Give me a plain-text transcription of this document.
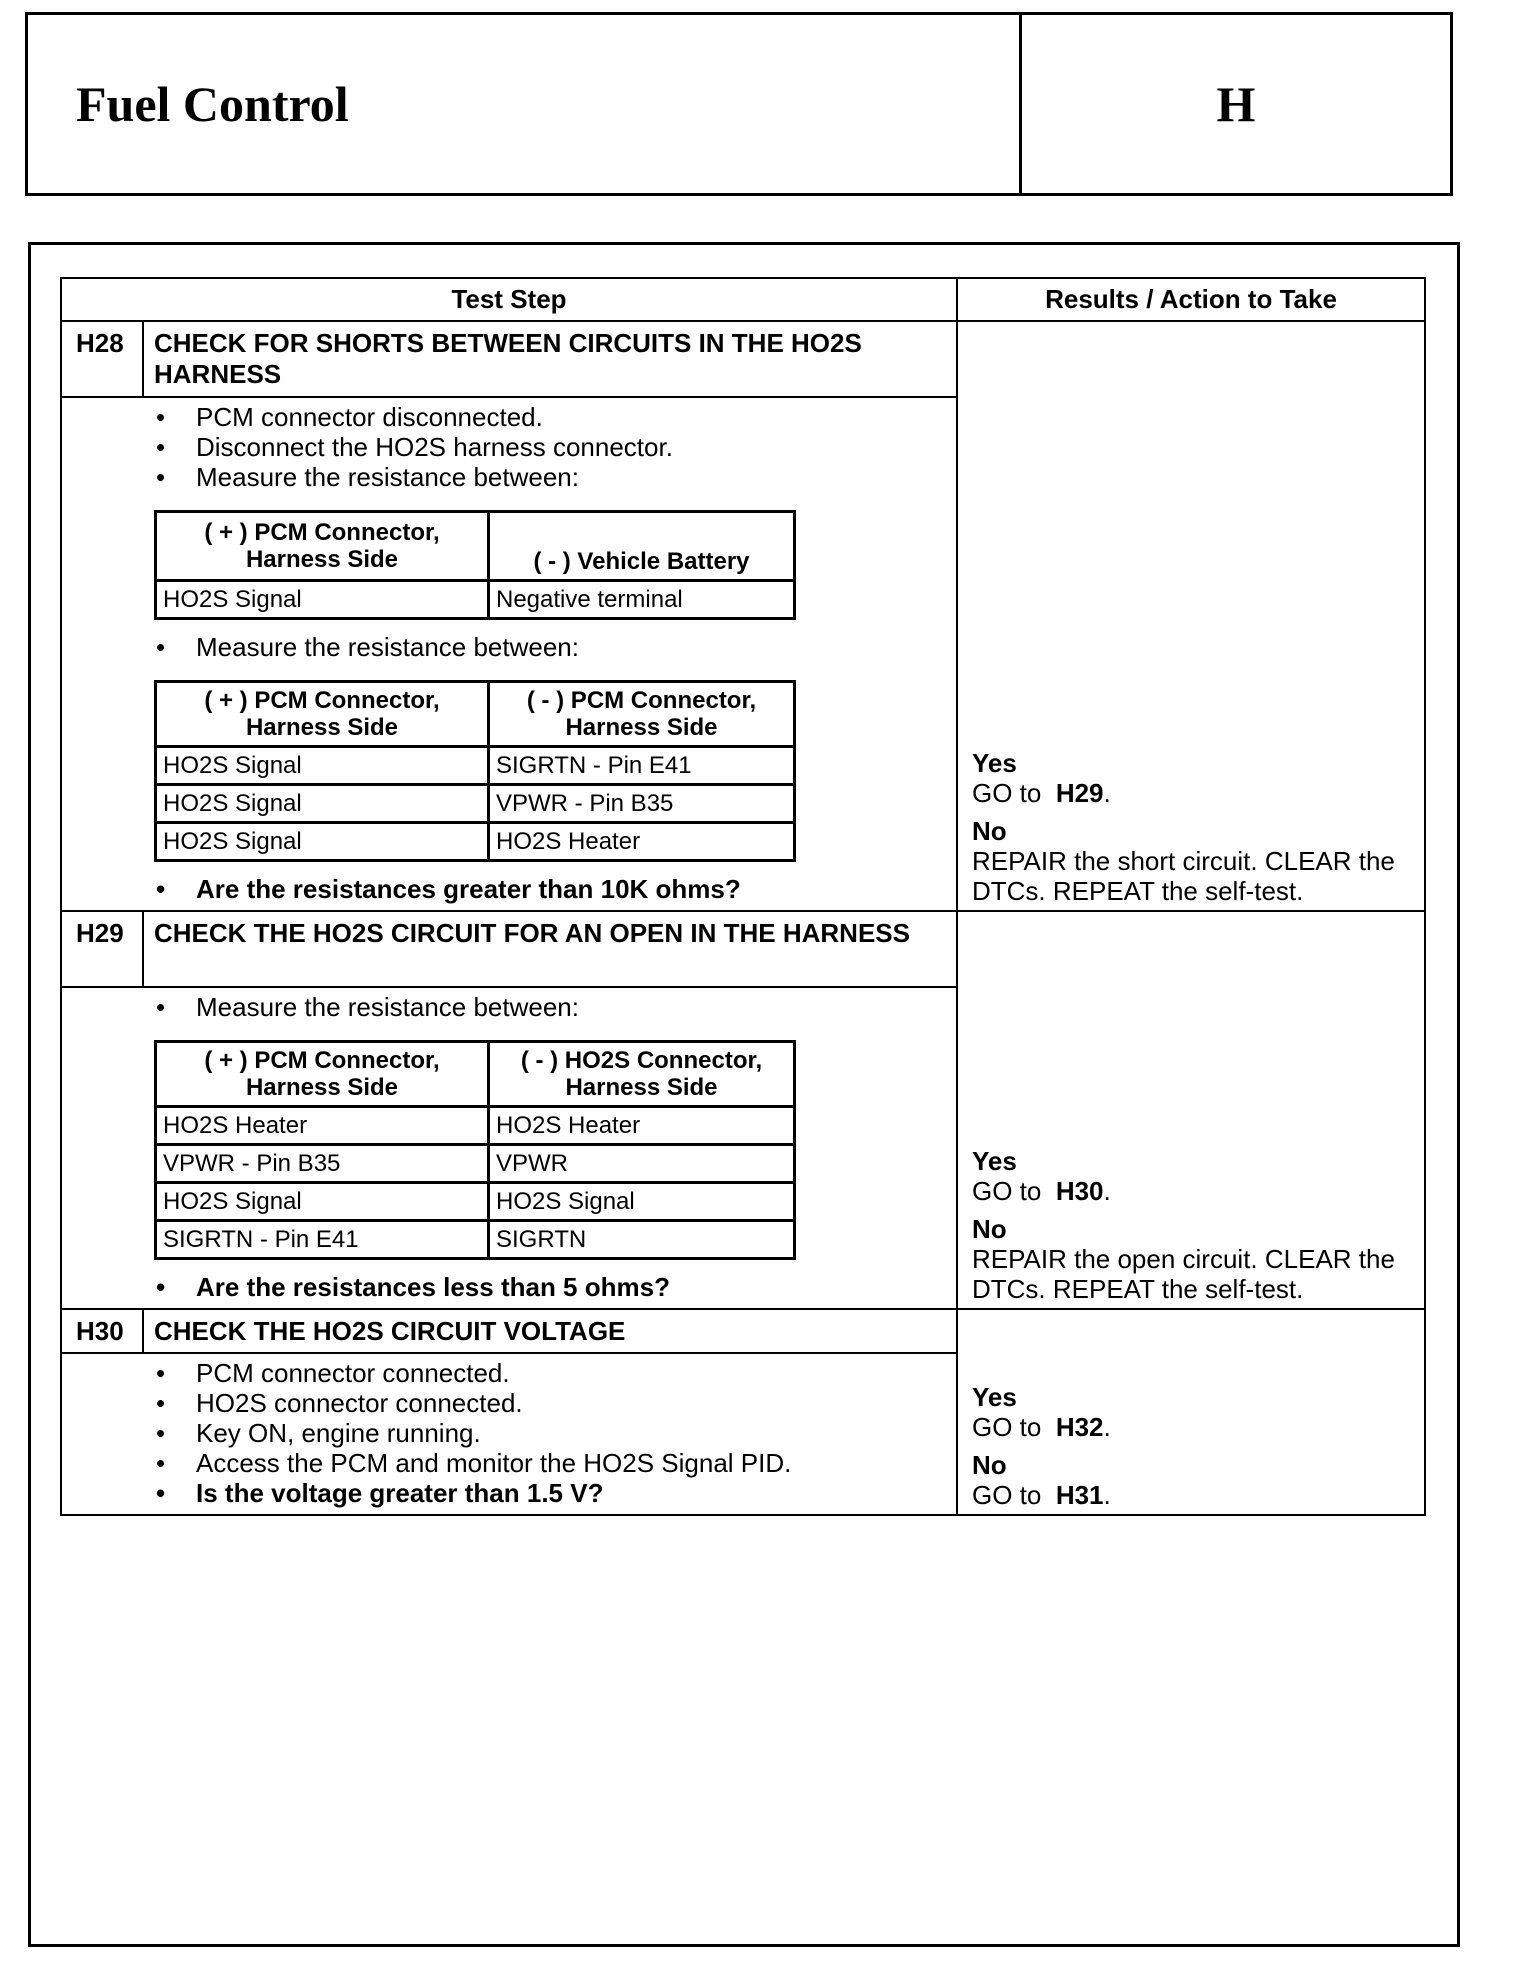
Fuel Control	H
Test Step	Results / Action to Take
H28	CHECK FOR SHORTS BETWEEN CIRCUITS IN THE HO2S HARNESS
•	PCM connector disconnected.
•	Disconnect the HO2S harness connector.
•	Measure the resistance between:
( + ) PCM Connector, Harness Side	( - ) Vehicle Battery
HO2S Signal	Negative terminal
•	Measure the resistance between:
( + ) PCM Connector, Harness Side	( - ) PCM Connector, Harness Side
HO2S Signal	SIGRTN - Pin E41
HO2S Signal	VPWR - Pin B35
HO2S Signal	HO2S Heater
•	Are the resistances greater than 10K ohms?
Yes
GO to H29.
No
REPAIR the short circuit. CLEAR the DTCs. REPEAT the self-test.
H29	CHECK THE HO2S CIRCUIT FOR AN OPEN IN THE HARNESS
•	Measure the resistance between:
( + ) PCM Connector, Harness Side	( - ) HO2S Connector, Harness Side
HO2S Heater	HO2S Heater
VPWR - Pin B35	VPWR
HO2S Signal	HO2S Signal
SIGRTN - Pin E41	SIGRTN
•	Are the resistances less than 5 ohms?
Yes
GO to H30.
No
REPAIR the open circuit. CLEAR the DTCs. REPEAT the self-test.
H30	CHECK THE HO2S CIRCUIT VOLTAGE
•	PCM connector connected.
•	HO2S connector connected.
•	Key ON, engine running.
•	Access the PCM and monitor the HO2S Signal PID.
•	Is the voltage greater than 1.5 V?
Yes
GO to H32.
No
GO to H31.
